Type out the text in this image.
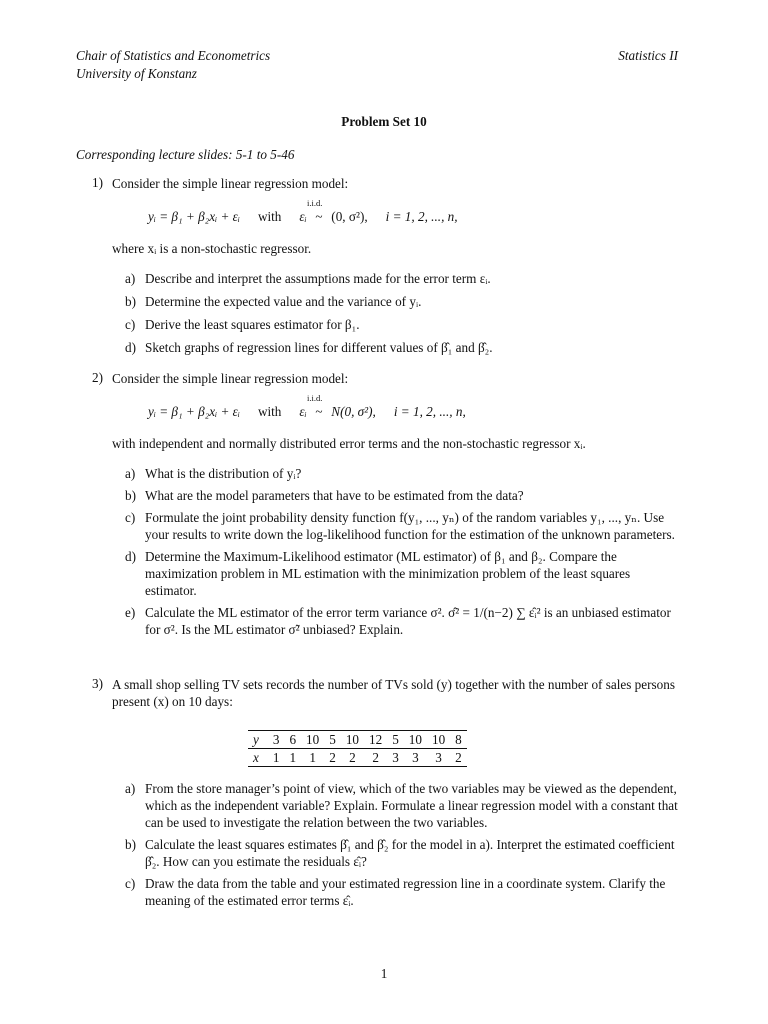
Chair of Statistics and Econometrics
University of Konstanz
Statistics II
Problem Set 10
Corresponding lecture slides: 5-1 to 5-46
1) Consider the simple linear regression model:
yᵢ = β₁ + β₂xᵢ + εᵢ with εᵢ
i.i.d.
~ (0, σ²), i = 1, 2, ..., n,
where xᵢ is a non-stochastic regressor.
a) Describe and interpret the assumptions made for the error term εᵢ.
b) Determine the expected value and the variance of yᵢ.
c) Derive the least squares estimator for β₁.
d) Sketch graphs of regression lines for different values of β̂₁ and β̂₂.
2) Consider the simple linear regression model:
yᵢ = β₁ + β₂xᵢ + εᵢ with εᵢ
i.i.d.
~ N(0, σ²), i = 1, 2, ..., n,
with independent and normally distributed error terms and the non-stochastic regressor xᵢ.
a) What is the distribution of yᵢ?
b) What are the model parameters that have to be estimated from the data?
c) Formulate the joint probability density function f(y₁, ..., yₙ) of the random variables y₁, ..., yₙ. Use your results to write down the log-likelihood function for the estimation of the unknown parameters.
d) Determine the Maximum-Likelihood estimator (ML estimator) of β₁ and β₂. Compare the maximization problem in ML estimation with the minimization problem of the least squares estimator.
e) Calculate the ML estimator of the error term variance σ². σ̂² = 1/(n−2) ∑ ε̂ᵢ² is an unbiased estimator for σ². Is the ML estimator σ̃² unbiased? Explain.
3) A small shop selling TV sets records the number of TVs sold (y) together with the number of sales persons present (x) on 10 days:
y	3	6	10	5	10	12	5	10	10	8
x	1	1	1	2	2	2	3	3	3	2
a) From the store manager’s point of view, which of the two variables may be viewed as the dependent, which as the independent variable? Explain. Formulate a linear regression model with a constant that can be used to investigate the relation between the two variables.
b) Calculate the least squares estimates β̂₁ and β̂₂ for the model in a). Interpret the estimated coefficient β̂₂. How can you estimate the residuals ε̂ᵢ?
c) Draw the data from the table and your estimated regression line in a coordinate system. Clarify the meaning of the estimated error terms ε̂ᵢ.
1
